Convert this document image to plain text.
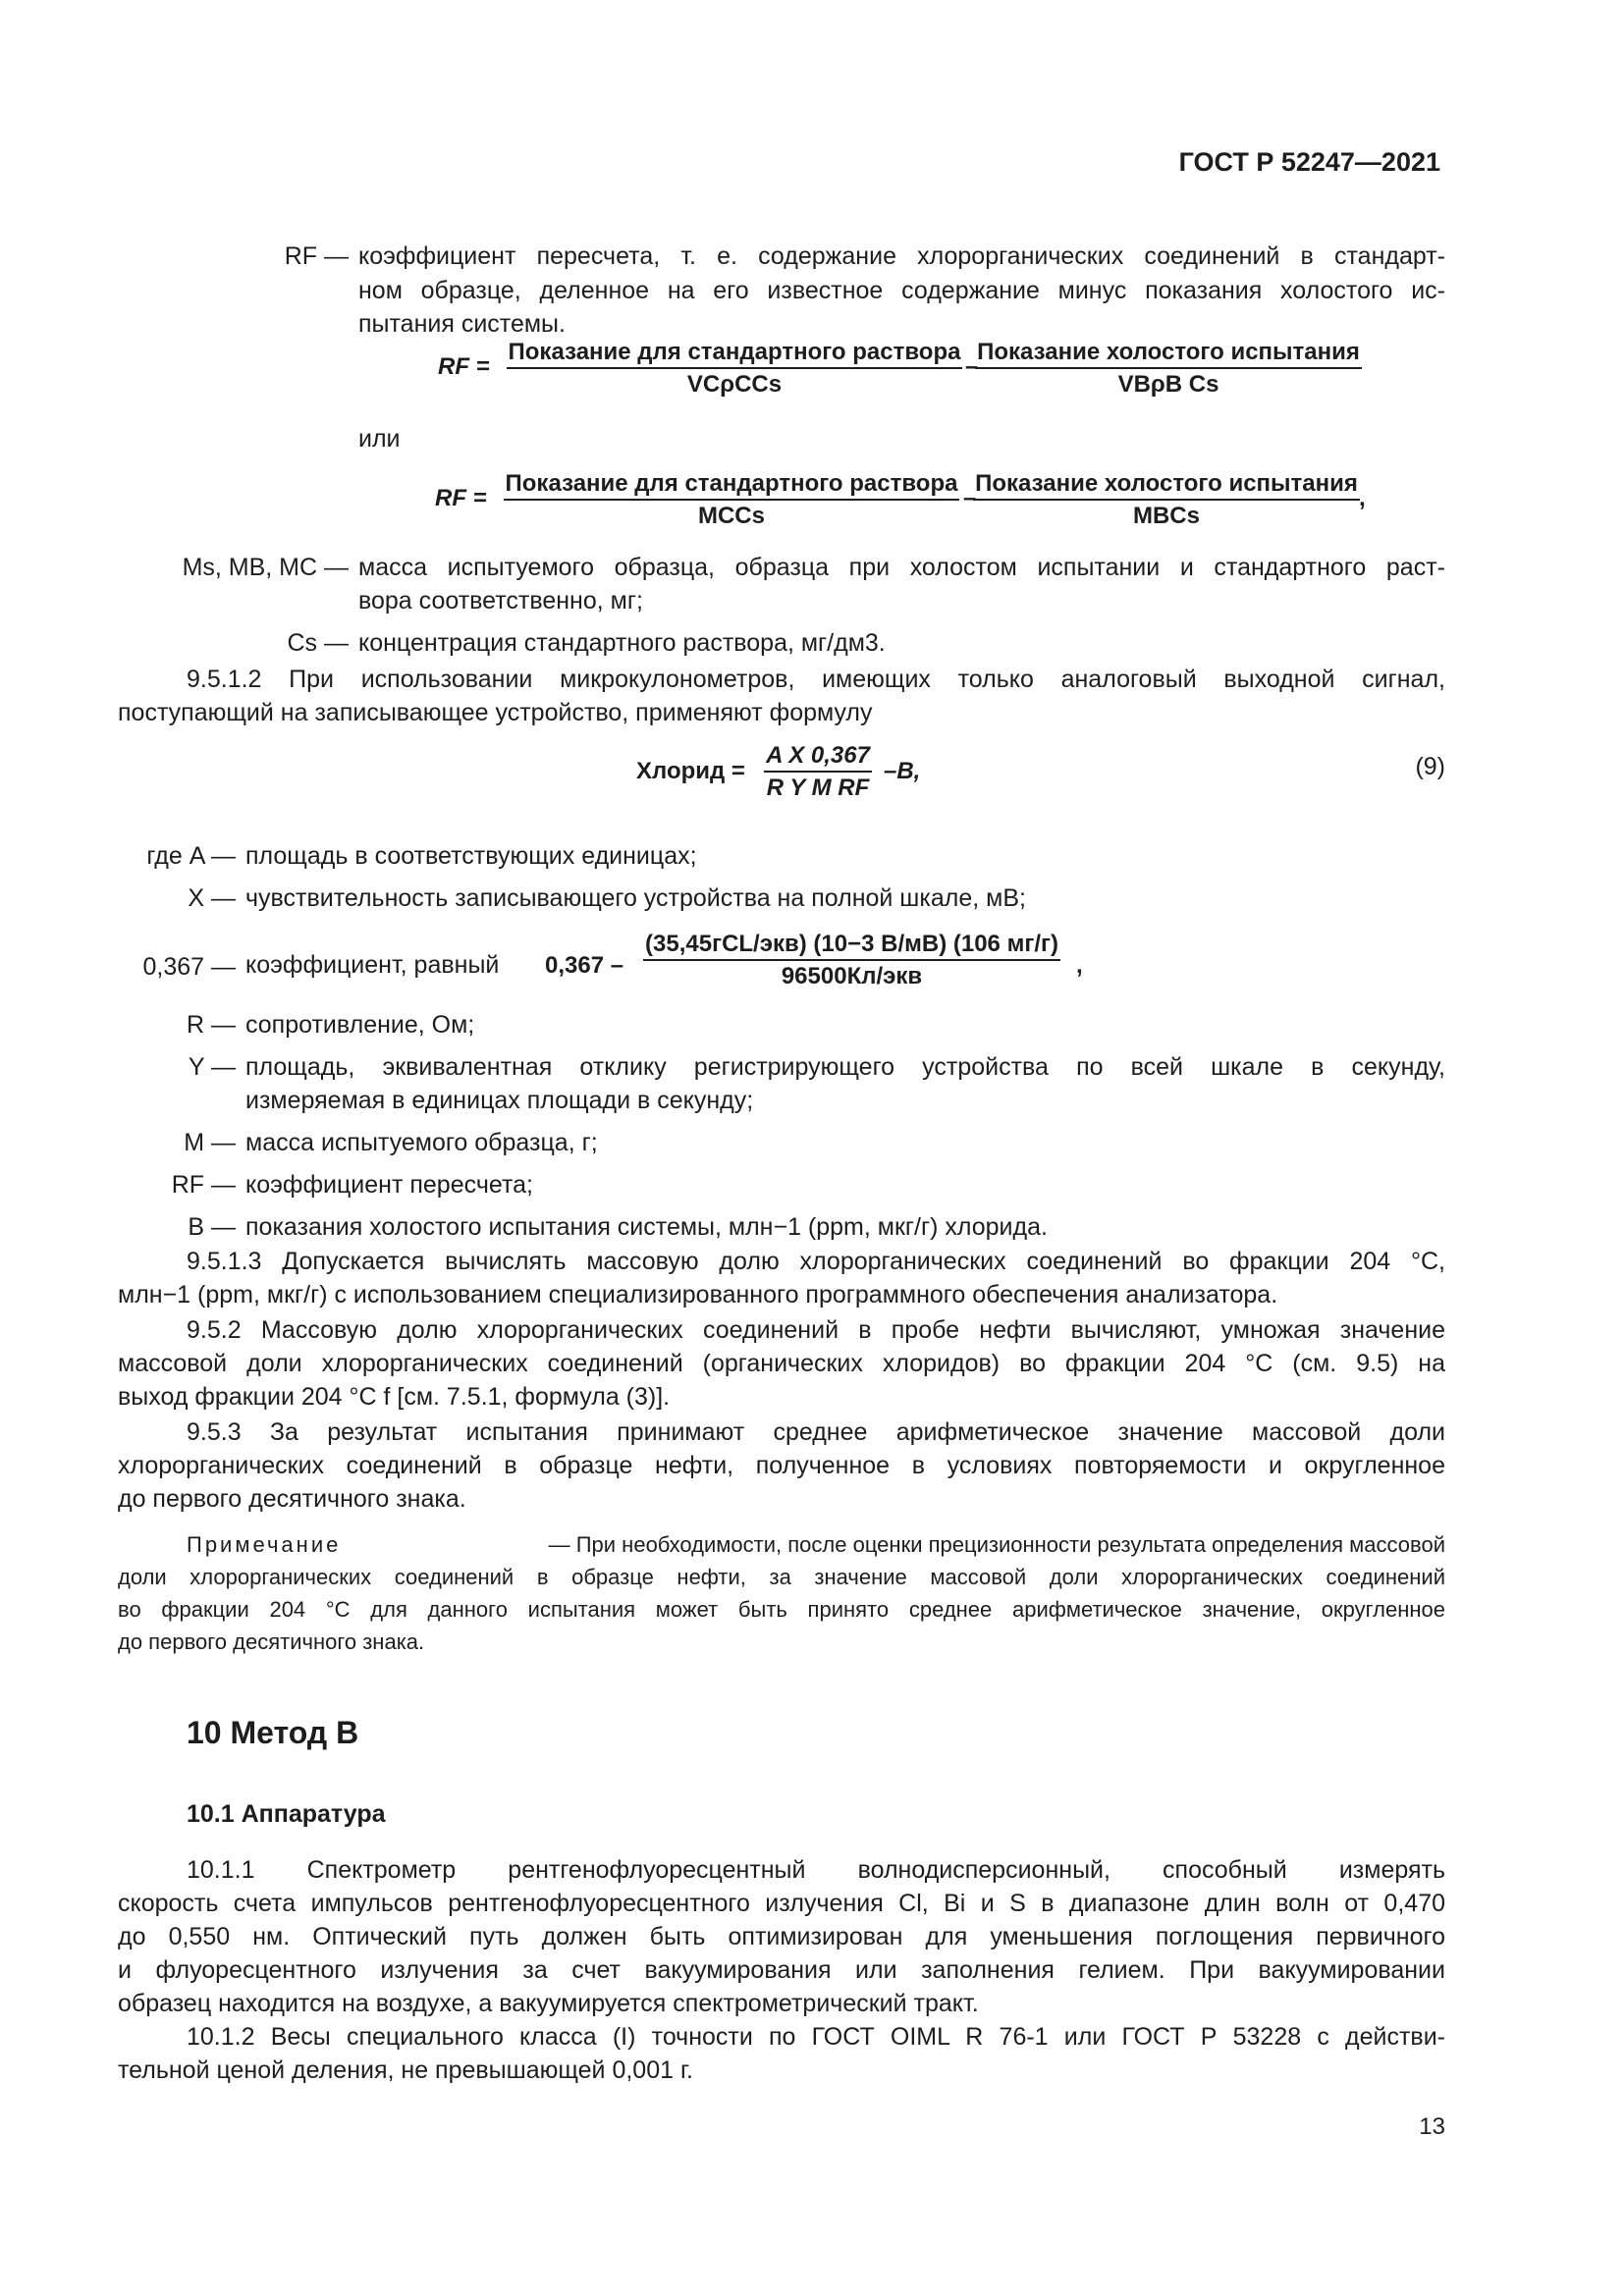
ГОСТ Р 52247—2021
RF — коэффициент пересчета, т. е. содержание хлорорганических соединений в стандарт-
ном образце, деленное на его известное содержание минус показания холостого ис-
пытания системы.
RF =
Показание для стандартного раствора
VCρCCs
–
Показание холостого испытания
VBρB Cs
или
RF =
Показание для стандартного раствора
MCCs
–
Показание холостого испытания
MBCs
,
Ms, MB, MC — масса испытуемого образца, образца при холостом испытании и стандартного раст-
вора соответственно, мг;
Cs — концентрация стандартного раствора, мг/дм3.
9.5.1.2 При использовании микрокулонометров, имеющих только аналоговый выходной сигнал,
поступающий на записывающее устройство, применяют формулу
Хлорид = $\frac{\text{A X 0,367}}{\text{R Y M RF}} -B$,	(9)
где A — площадь в соответствующих единицах;
X — чувствительность записывающего устройства на полной шкале, мВ;
0,367 — коэффициент, равный 0,367 –
(35,45гCL/экв) (10−3 B/мB) (106 мг/г)
96500Кл/экв	,
R — сопротивление, Ом;
Y — площадь, эквивалентная отклику регистрирующего устройства по всей шкале в секунду,
измеряемая в единицах площади в секунду;
M — масса испытуемого образца, г;
RF — коэффициент пересчета;
B — показания холостого испытания системы, млн−1 (ppm, мкг/г) хлорида.
9.5.1.3 Допускается вычислять массовую долю хлорорганических соединений во фракции 204 °С,
млн−1 (ppm, мкг/г) с использованием специализированного программного обеспечения анализатора.
9.5.2 Массовую долю хлорорганических соединений в пробе нефти вычисляют, умножая значение
массовой доли хлорорганических соединений (органических хлоридов) во фракции 204 °С (см. 9.5) на
выход фракции 204 °С f [см. 7.5.1, формула (3)].
9.5.3 За результат испытания принимают среднее арифметическое значение массовой доли
хлорорганических соединений в образце нефти, полученное в условиях повторяемости и округленное
до первого десятичного знака.
Примечание	— При необходимости, после оценки прецизионности результата определения массовой
доли хлорорганических соединений в образце нефти, за значение массовой доли хлорорганических соединений
во фракции 204 °С для данного испытания может быть принято среднее арифметическое значение, округленное
до первого десятичного знака.
10 Метод В
10.1 Аппаратура
10.1.1 Спектрометр рентгенофлуоресцентный волнодисперсионный, способный измерять
скорость счета импульсов рентгенофлуоресцентного излучения Cl, Bi и S в диапазоне длин волн от 0,470
до 0,550 нм. Оптический путь должен быть оптимизирован для уменьшения поглощения первичного
и флуоресцентного излучения за счет вакуумирования или заполнения гелием. При вакуумировании
образец находится на воздухе, а вакуумируется спектрометрический тракт.
10.1.2 Весы специального класса (I) точности по ГОСТ OIML R 76-1 или ГОСТ Р 53228 с действи-
тельной ценой деления, не превышающей 0,001 г.
13
